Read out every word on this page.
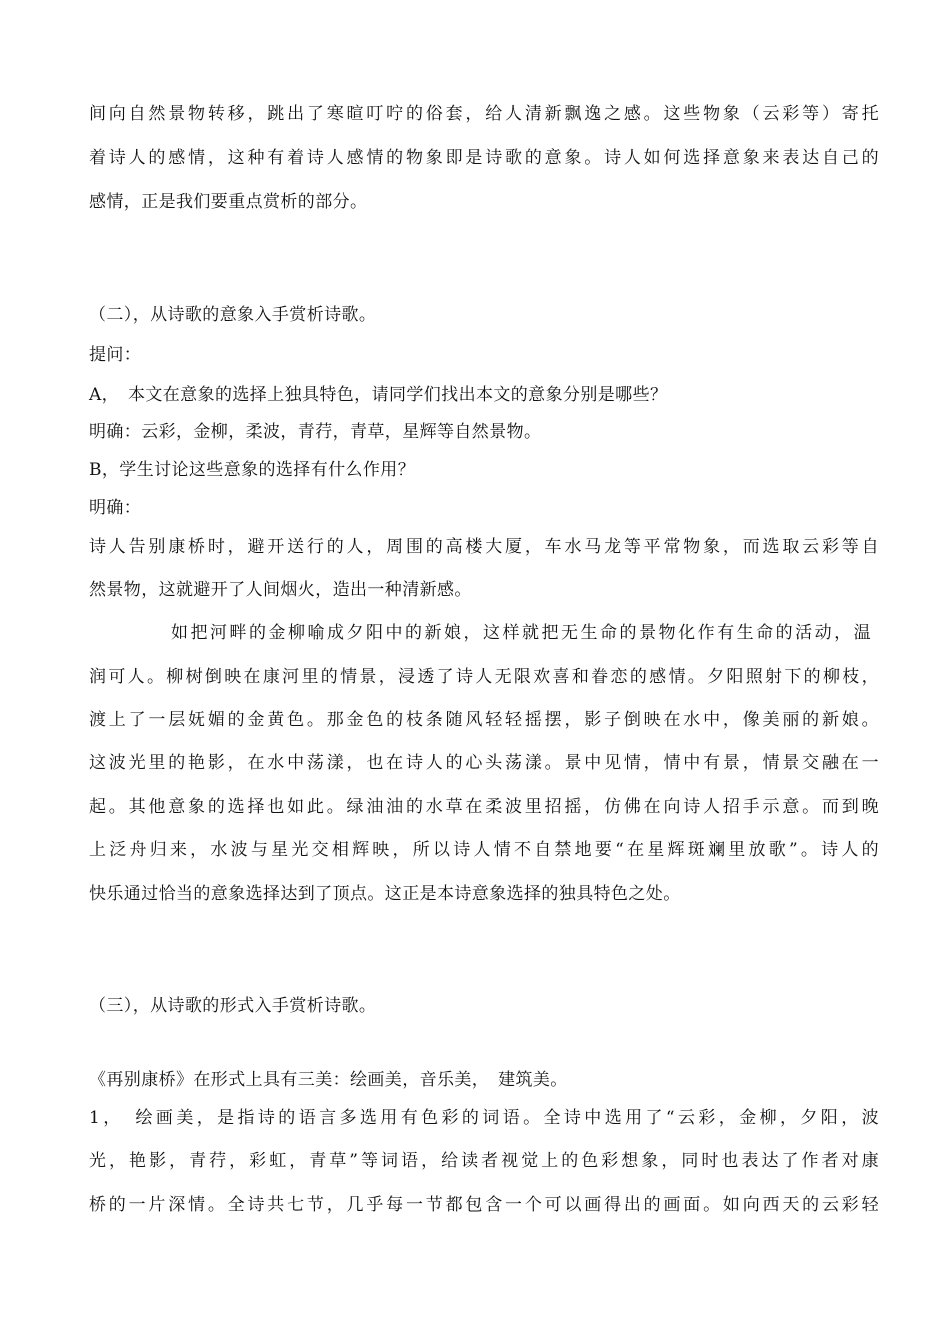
间向自然景物转移，跳出了寒暄叮咛的俗套，给人清新飘逸之感。这些物象（云彩等）寄托
着诗人的感情，这种有着诗人感情的物象即是诗歌的意象。诗人如何选择意象来表达自己的
感情，正是我们要重点赏析的部分。
（二），从诗歌的意象入手赏析诗歌。
提问：
A，　本文在意象的选择上独具特色，请同学们找出本文的意象分别是哪些？
明确：云彩，金柳，柔波，青荇，青草，星辉等自然景物。
B，学生讨论这些意象的选择有什么作用？
明确：
诗人告别康桥时，避开送行的人，周围的高楼大厦，车水马龙等平常物象，而选取云彩等自
然景物，这就避开了人间烟火，造出一种清新感。
如把河畔的金柳喻成夕阳中的新娘，这样就把无生命的景物化作有生命的活动，温
润可人。柳树倒映在康河里的情景，浸透了诗人无限欢喜和眷恋的感情。夕阳照射下的柳枝，
渡上了一层妩媚的金黄色。那金色的枝条随风轻轻摇摆，影子倒映在水中，像美丽的新娘。
这波光里的艳影，在水中荡漾，也在诗人的心头荡漾。景中见情，情中有景，情景交融在一
起。其他意象的选择也如此。绿油油的水草在柔波里招摇，仿佛在向诗人招手示意。而到晚
上泛舟归来，水波与星光交相辉映，所以诗人情不自禁地要“在星辉斑斓里放歌”。诗人的
快乐通过恰当的意象选择达到了顶点。这正是本诗意象选择的独具特色之处。
（三），从诗歌的形式入手赏析诗歌。
《再别康桥》在形式上具有三美：绘画美，音乐美，　建筑美。
1，　绘画美，是指诗的语言多选用有色彩的词语。全诗中选用了“云彩，金柳，夕阳，波
光，艳影，青荇，彩虹，青草”等词语，给读者视觉上的色彩想象，同时也表达了作者对康
桥的一片深情。全诗共七节，几乎每一节都包含一个可以画得出的画面。如向西天的云彩轻
